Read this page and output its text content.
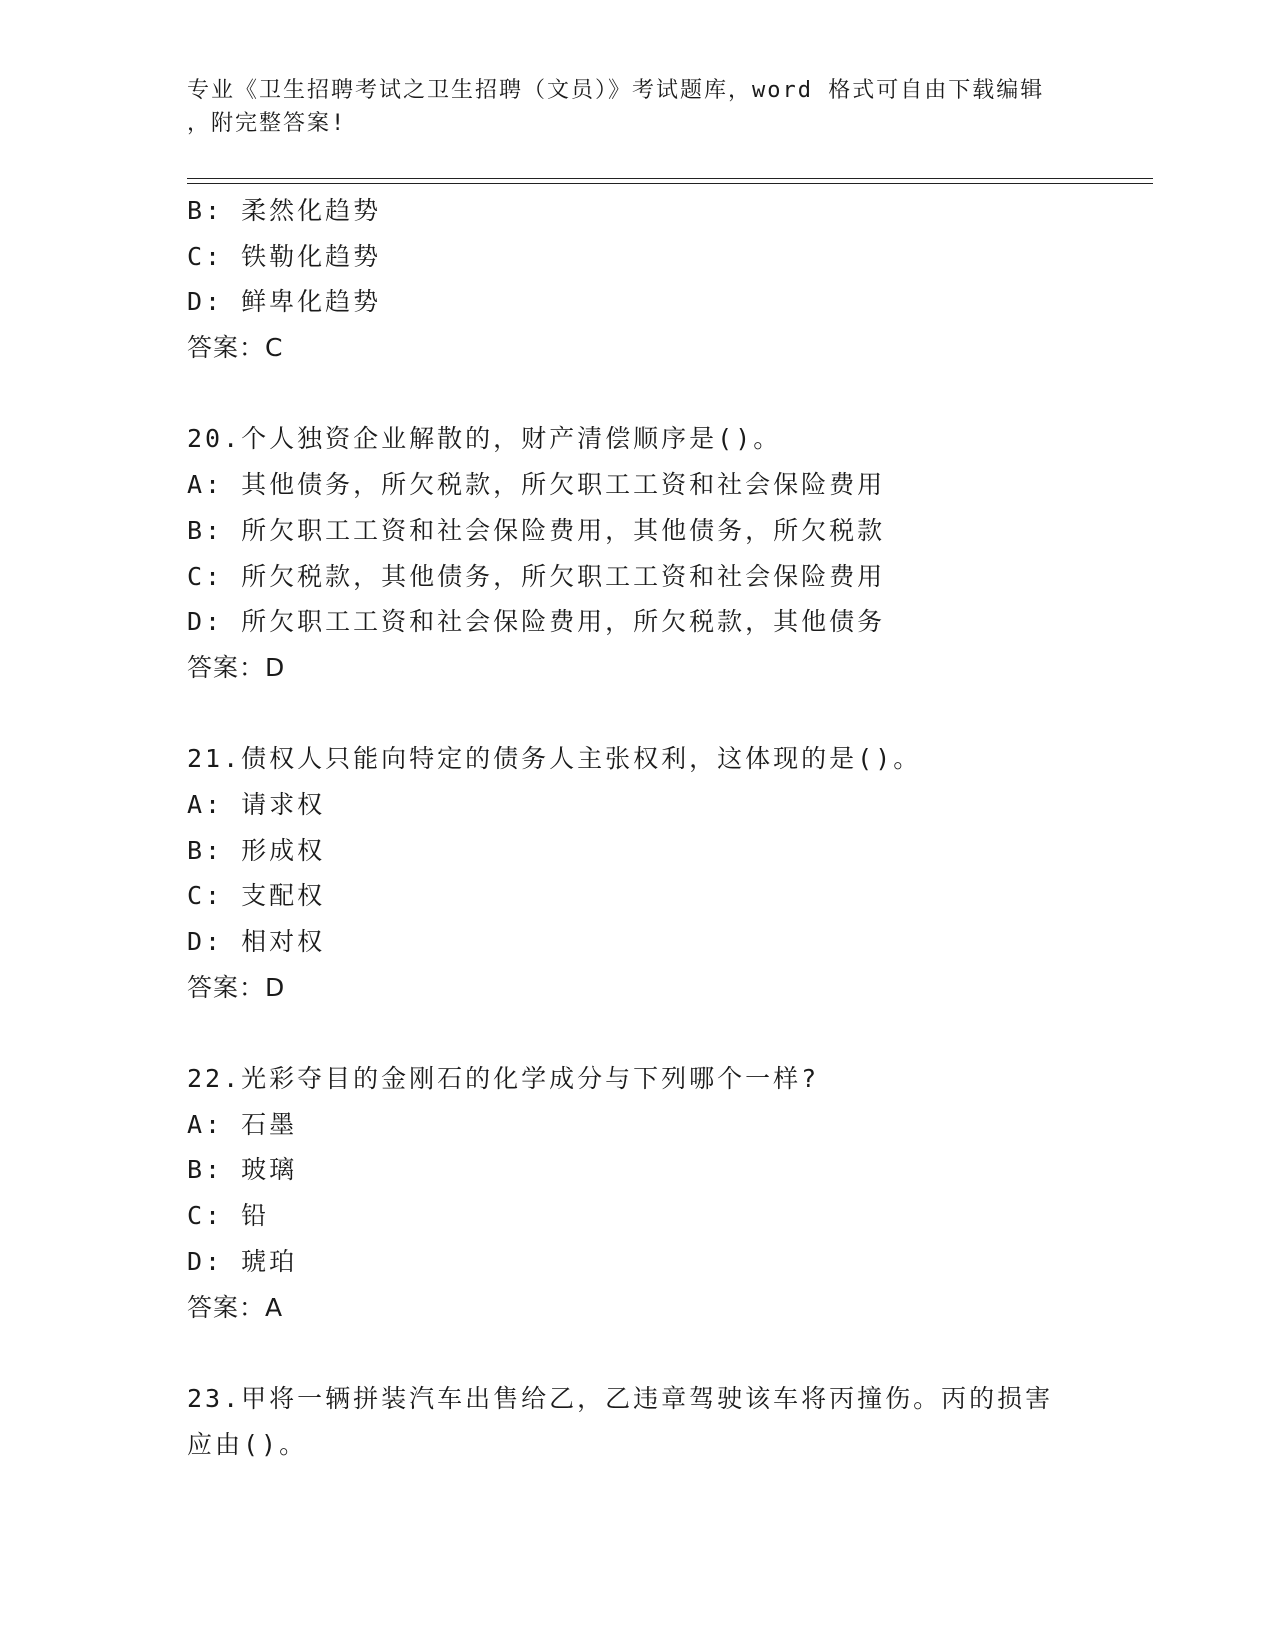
专业《卫生招聘考试之卫生招聘（文员）》考试题库，word 格式可自由下载编辑
，附完整答案!
B: 柔然化趋势
C: 铁勒化趋势
D: 鲜卑化趋势
答案：C
20.个人独资企业解散的，财产清偿顺序是()。
A: 其他债务，所欠税款，所欠职工工资和社会保险费用
B: 所欠职工工资和社会保险费用，其他债务，所欠税款
C: 所欠税款，其他债务，所欠职工工资和社会保险费用
D: 所欠职工工资和社会保险费用，所欠税款，其他债务
答案：D
21.债权人只能向特定的债务人主张权利，这体现的是()。
A: 请求权
B: 形成权
C: 支配权
D: 相对权
答案：D
22.光彩夺目的金刚石的化学成分与下列哪个一样?
A: 石墨
B: 玻璃
C: 铅
D: 琥珀
答案：A
23.甲将一辆拼装汽车出售给乙，乙违章驾驶该车将丙撞伤。丙的损害
应由()。
